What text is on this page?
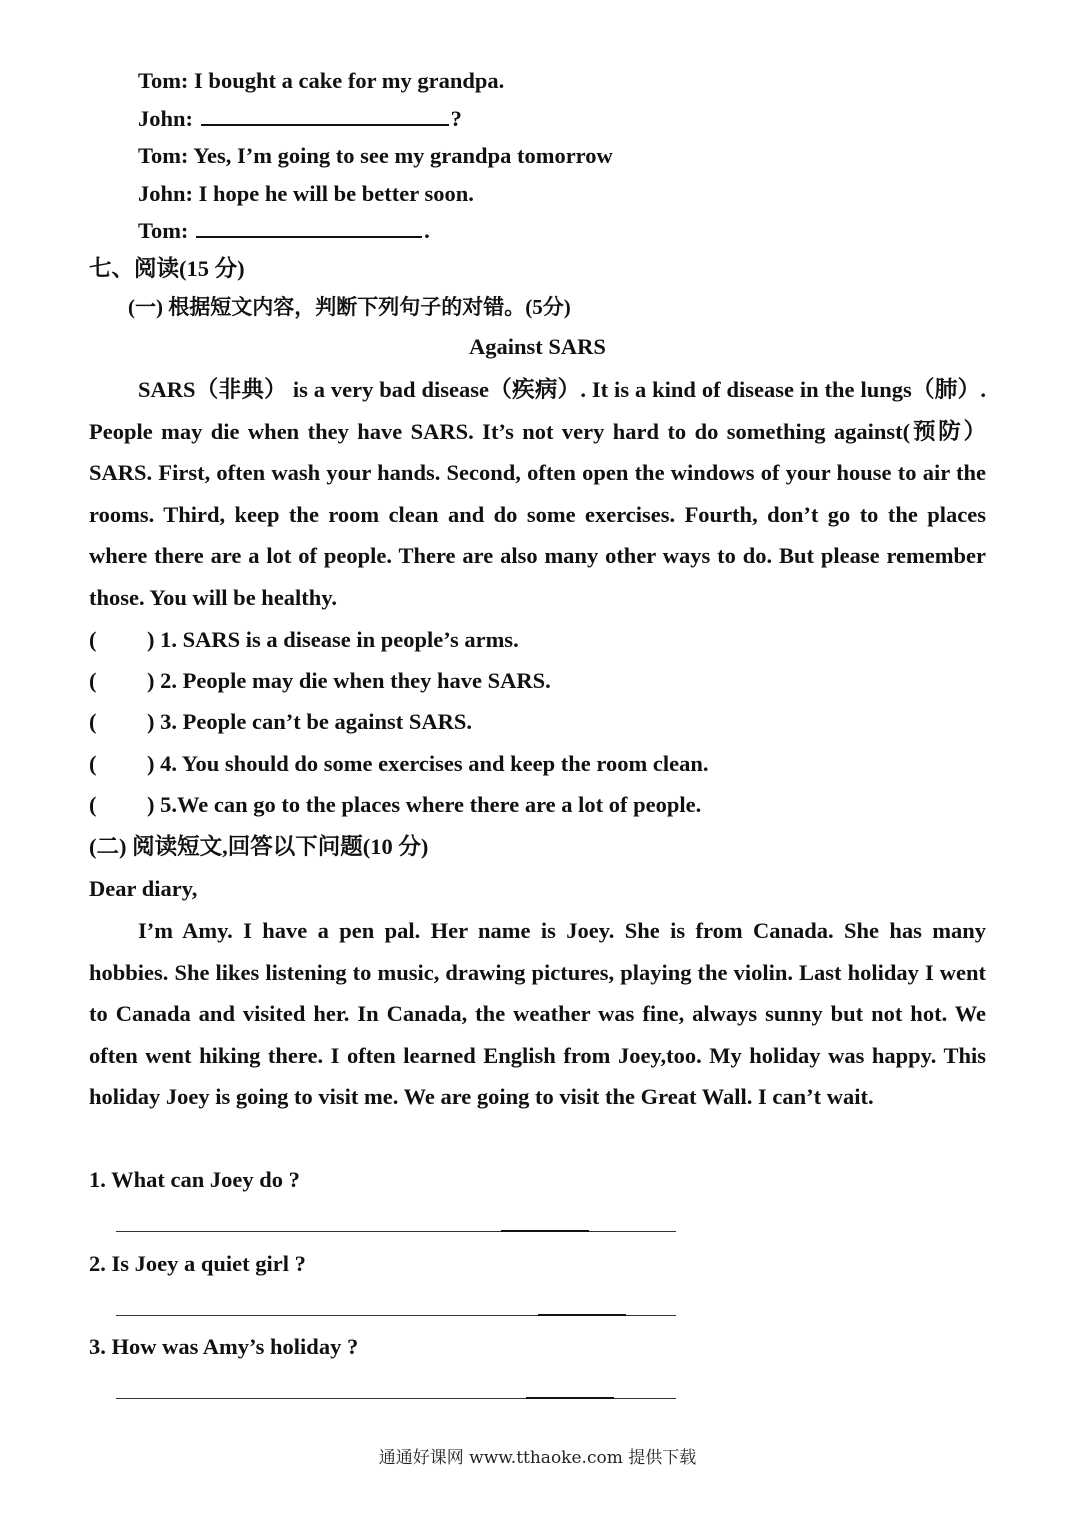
Tom: I bought a cake for my grandpa.
John:	?
Tom: Yes, I’m going to see my grandpa tomorrow
John: I hope he will be better soon.
Tom:	.
七、阅读(15 分)
(一) 根据短文内容，判断下列句子的对错。(5分)
Against SARS

SARS（非典） is a very bad disease（疾病）. It is a kind of disease in the lungs（肺）. People may die when they have SARS. It’s not very hard to do something against(预防）SARS. First, often wash your hands. Second, often open the windows of your house to air the rooms. Third, keep the room clean and do some exercises. Fourth, don’t go to the places where there are a lot of people. There are also many other ways to do. But please remember those. You will be healthy.

( ) 1. SARS is a disease in people’s arms.
( ) 2. People may die when they have SARS.
( ) 3. People can’t be against SARS.
( ) 4. You should do some exercises and keep the room clean.
( ) 5.We can go to the places where there are a lot of people.
(二) 阅读短文,回答以下问题(10 分)
Dear diary,

I’m Amy. I have a pen pal. Her name is Joey. She is from Canada. She has many hobbies. She likes listening to music, drawing pictures, playing the violin. Last holiday I went to Canada and visited her. In Canada, the weather was fine, always sunny but not hot. We often went hiking there. I often learned English from Joey,too. My holiday was happy. This holiday Joey is going to visit me. We are going to visit the Great Wall. I can’t wait.

1. What can Joey do ?
2. Is Joey a quiet girl ?
3. How was Amy’s holiday ?
通通好课网 www.tthaoke.com 提供下载
